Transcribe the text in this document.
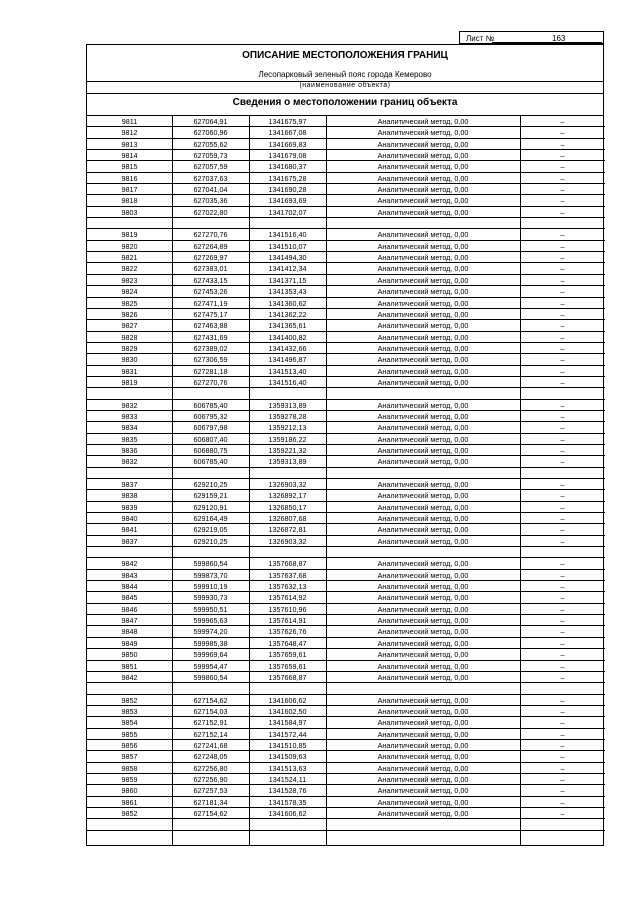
Лист №	163
ОПИСАНИЕ МЕСТОПОЛОЖЕНИЯ ГРАНИЦ
Лесопарковый зеленый пояс города Кемерово
(наименование объекта)
Сведения о местоположении границ объекта
9811	627064,91	1341675,97	Аналитический метод, 0,00	–
9812	627060,96	1341667,08	Аналитический метод, 0,00	–
9813	627055,62	1341669,83	Аналитический метод, 0,00	–
9814	627059,73	1341679,08	Аналитический метод, 0,00	–
9815	627057,59	1341680,37	Аналитический метод, 0,00	–
9816	627037,63	1341675,28	Аналитический метод, 0,00	–
9817	627041,04	1341690,28	Аналитический метод, 0,00	–
9818	627035,36	1341693,69	Аналитический метод, 0,00	–
9803	627022,80	1341702,07	Аналитический метод, 0,00	–
9819	627270,76	1341516,40	Аналитический метод, 0,00	–
9820	627264,89	1341510,07	Аналитический метод, 0,00	–
9821	627269,97	1341494,30	Аналитический метод, 0,00	–
9822	627383,01	1341412,34	Аналитический метод, 0,00	–
9823	627433,15	1341371,15	Аналитический метод, 0,00	–
9824	627453,26	1341353,43	Аналитический метод, 0,00	–
9825	627471,19	1341360,62	Аналитический метод, 0,00	–
9826	627475,17	1341362,22	Аналитический метод, 0,00	–
9827	627463,88	1341365,61	Аналитический метод, 0,00	–
9828	627431,69	1341400,82	Аналитический метод, 0,00	–
9829	627389,02	1341432,66	Аналитический метод, 0,00	–
9830	627306,59	1341496,87	Аналитический метод, 0,00	–
9831	627281,18	1341513,40	Аналитический метод, 0,00	–
9819	627270,76	1341516,40	Аналитический метод, 0,00	–
9832	606785,40	1359313,89	Аналитический метод, 0,00	–
9833	606795,32	1359278,28	Аналитический метод, 0,00	–
9834	606797,98	1359212,13	Аналитический метод, 0,00	–
9835	606807,40	1359186,22	Аналитический метод, 0,00	–
9836	606880,75	1359221,32	Аналитический метод, 0,00	–
9832	606785,40	1359313,89	Аналитический метод, 0,00	–
9837	629210,25	1326903,32	Аналитический метод, 0,00	–
9838	629159,21	1326892,17	Аналитический метод, 0,00	–
9839	629120,91	1326850,17	Аналитический метод, 0,00	–
9840	629164,49	1326807,68	Аналитический метод, 0,00	–
9841	629219,05	1326872,81	Аналитический метод, 0,00	–
9837	629210,25	1326903,32	Аналитический метод, 0,00	–
9842	599860,54	1357668,87	Аналитический метод, 0,00	–
9843	599873,70	1357637,68	Аналитический метод, 0,00	–
9844	599910,19	1357632,13	Аналитический метод, 0,00	–
9845	599930,73	1357614,92	Аналитический метод, 0,00	–
9846	599950,51	1357610,96	Аналитический метод, 0,00	–
9847	599965,63	1357614,91	Аналитический метод, 0,00	–
9848	599974,20	1357626,76	Аналитический метод, 0,00	–
9849	599985,38	1357648,47	Аналитический метод, 0,00	–
9850	599969,64	1357659,61	Аналитический метод, 0,00	–
9851	599954,47	1357659,61	Аналитический метод, 0,00	–
9842	599860,54	1357668,87	Аналитический метод, 0,00	–
9852	627154,62	1341606,62	Аналитический метод, 0,00	–
9853	627154,03	1341602,50	Аналитический метод, 0,00	–
9854	627152,91	1341584,97	Аналитический метод, 0,00	–
9855	627152,14	1341572,44	Аналитический метод, 0,00	–
9856	627241,68	1341510,85	Аналитический метод, 0,00	–
9857	627248,05	1341509,63	Аналитический метод, 0,00	–
9858	627256,80	1341513,63	Аналитический метод, 0,00	–
9859	627256,90	1341524,11	Аналитический метод, 0,00	–
9860	627257,53	1341528,76	Аналитический метод, 0,00	–
9861	627181,34	1341578,35	Аналитический метод, 0,00	–
9852	627154,62	1341606,62	Аналитический метод, 0,00	–
